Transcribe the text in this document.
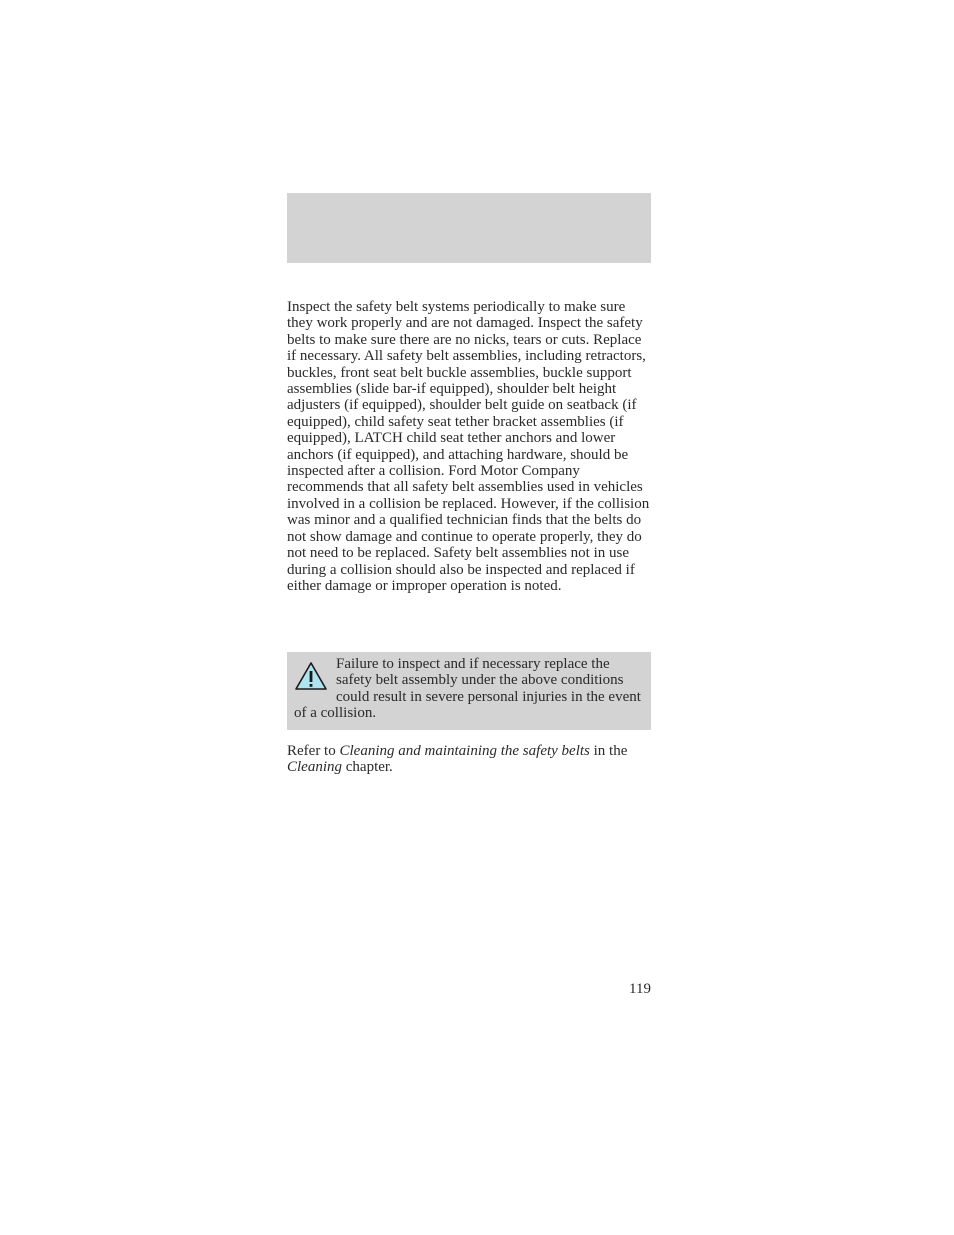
Inspect the safety belt systems periodically to make sure they work properly and are not damaged. Inspect the safety belts to make sure there are no nicks, tears or cuts. Replace if necessary. All safety belt assemblies, including retractors, buckles, front seat belt buckle assemblies, buckle support assemblies (slide bar-if equipped), shoulder belt height adjusters (if equipped), shoulder belt guide on seatback (if equipped), child safety seat tether bracket assemblies (if equipped), LATCH child seat tether anchors and lower anchors (if equipped), and attaching hardware, should be inspected after a collision. Ford Motor Company recommends that all safety belt assemblies used in vehicles involved in a collision be replaced. However, if the collision was minor and a qualified technician finds that the belts do not show damage and continue to operate properly, they do not need to be replaced. Safety belt assemblies not in use during a collision should also be inspected and replaced if either damage or improper operation is noted.

Failure to inspect and if necessary replace the safety belt assembly under the above conditions could result in severe personal injuries in the event of a collision.

Refer to Cleaning and maintaining the safety belts in the Cleaning chapter.

119
